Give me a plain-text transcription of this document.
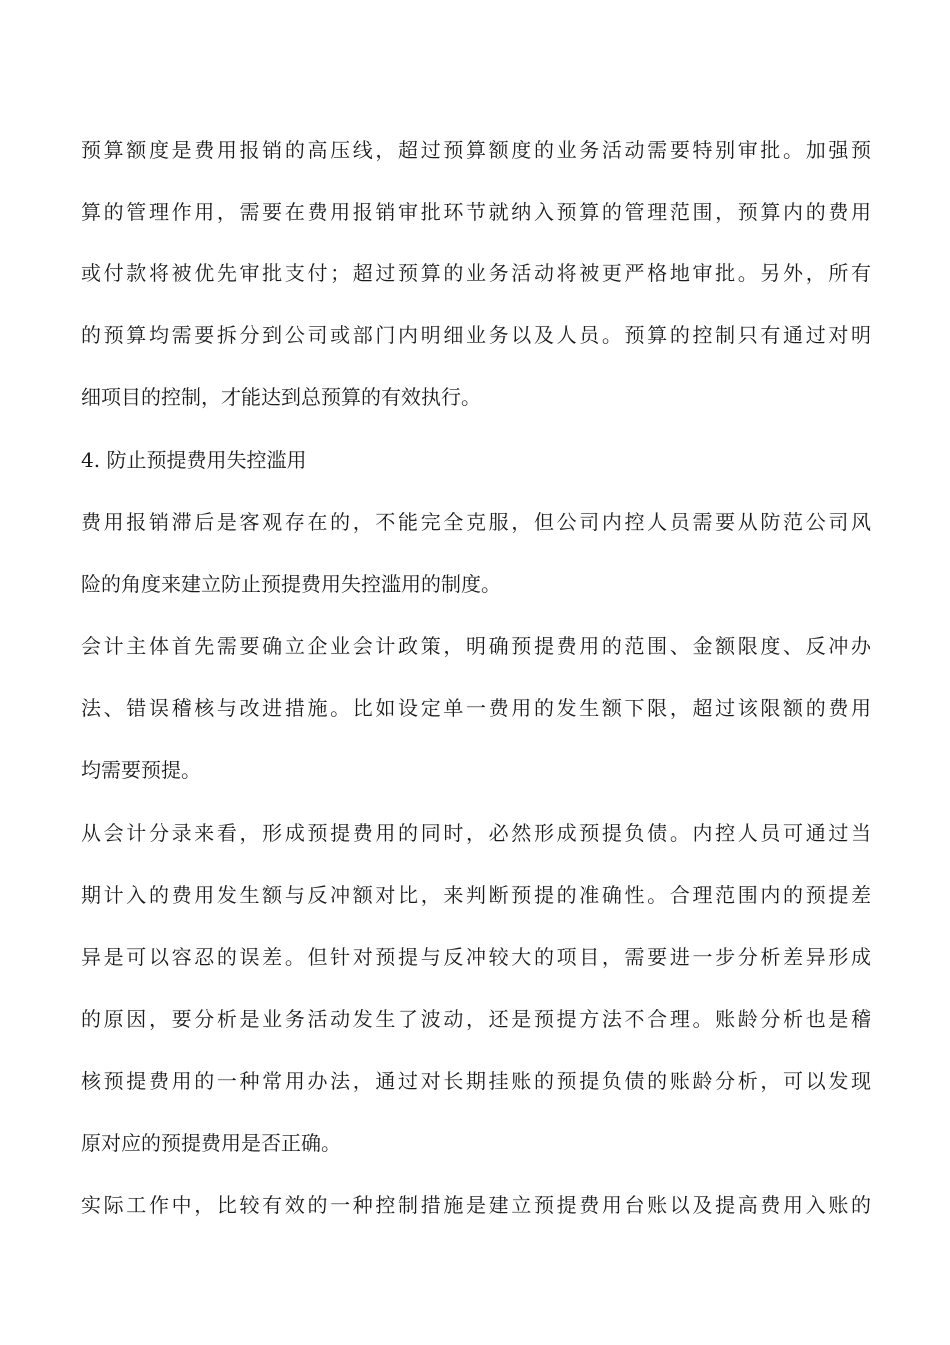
预算额度是费用报销的高压线，超过预算额度的业务活动需要特别审批。加强预
算的管理作用，需要在费用报销审批环节就纳入预算的管理范围，预算内的费用
或付款将被优先审批支付；超过预算的业务活动将被更严格地审批。另外，所有
的预算均需要拆分到公司或部门内明细业务以及人员。预算的控制只有通过对明
细项目的控制，才能达到总预算的有效执行。
4. 防止预提费用失控滥用
费用报销滞后是客观存在的，不能完全克服，但公司内控人员需要从防范公司风
险的角度来建立防止预提费用失控滥用的制度。
会计主体首先需要确立企业会计政策，明确预提费用的范围、金额限度、反冲办
法、错误稽核与改进措施。比如设定单一费用的发生额下限，超过该限额的费用
均需要预提。
从会计分录来看，形成预提费用的同时，必然形成预提负债。内控人员可通过当
期计入的费用发生额与反冲额对比，来判断预提的准确性。合理范围内的预提差
异是可以容忍的误差。但针对预提与反冲较大的项目，需要进一步分析差异形成
的原因，要分析是业务活动发生了波动，还是预提方法不合理。账龄分析也是稽
核预提费用的一种常用办法，通过对长期挂账的预提负债的账龄分析，可以发现
原对应的预提费用是否正确。
实际工作中，比较有效的一种控制措施是建立预提费用台账以及提高费用入账的
